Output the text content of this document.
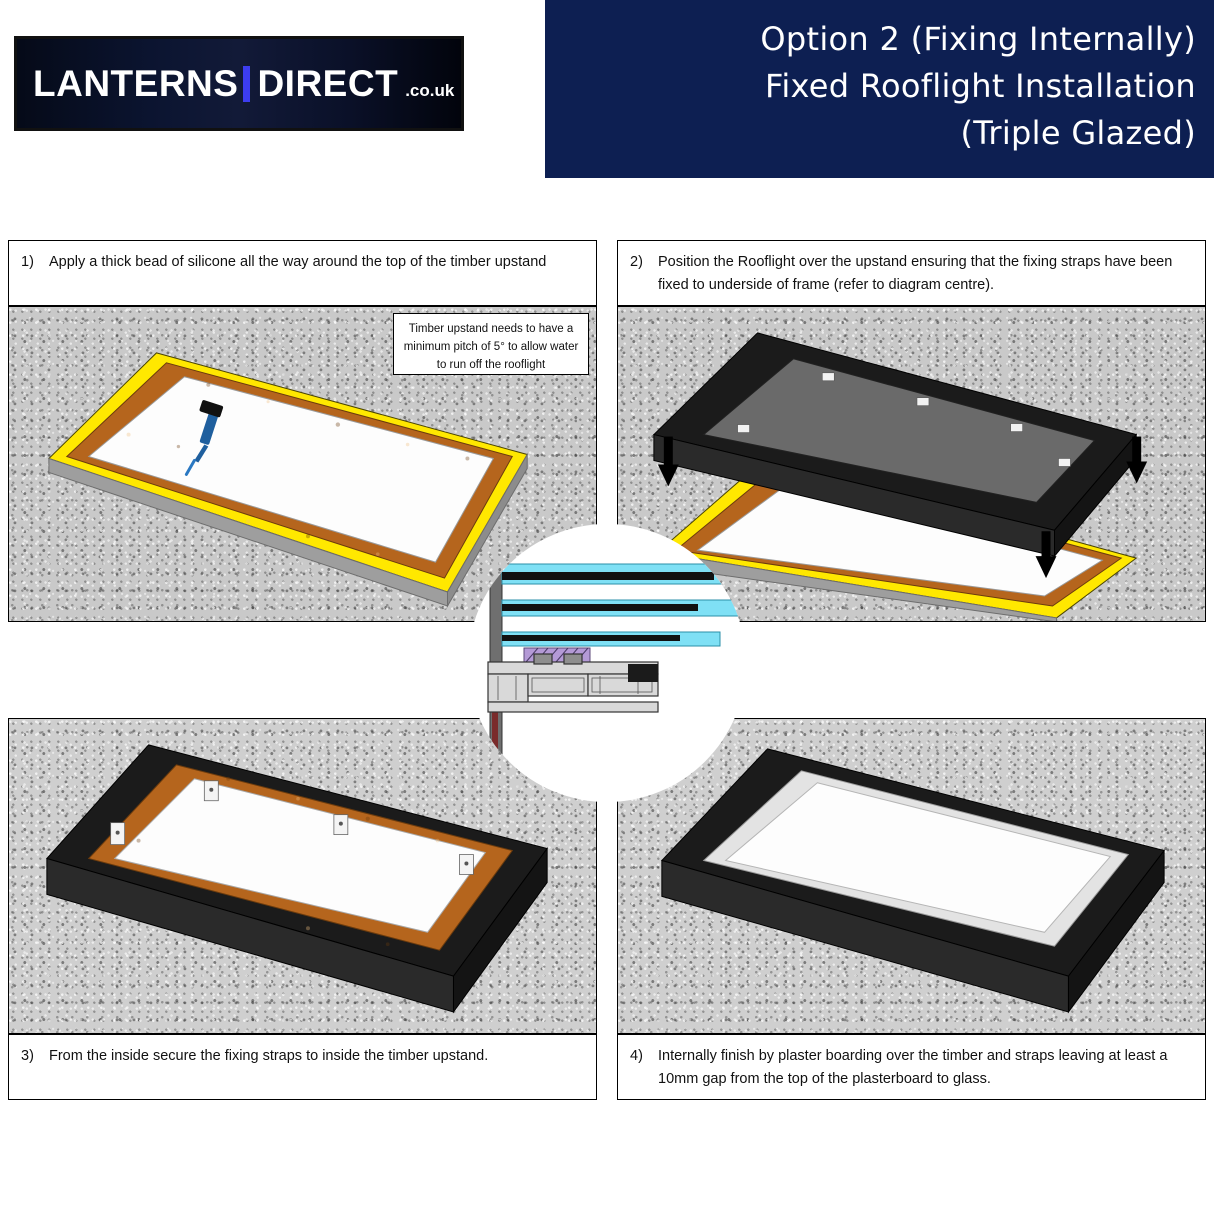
LANTERNS DIRECT .co.uk
Option 2 (Fixing Internally)
Fixed Rooflight Installation
(Triple Glazed)
1)	Apply a thick bead of silicone all the way around the top of the timber upstand
Timber upstand needs to have a minimum pitch of 5° to allow water to run off the rooflight
2)	Position the Rooflight over the upstand ensuring that the fixing straps have been fixed to underside of frame (refer to diagram centre).
3)	From the inside secure the fixing straps to inside the timber upstand.	4)	Internally finish by plaster boarding over the timber and straps leaving at least a 10mm gap from the top of the plasterboard to glass.
